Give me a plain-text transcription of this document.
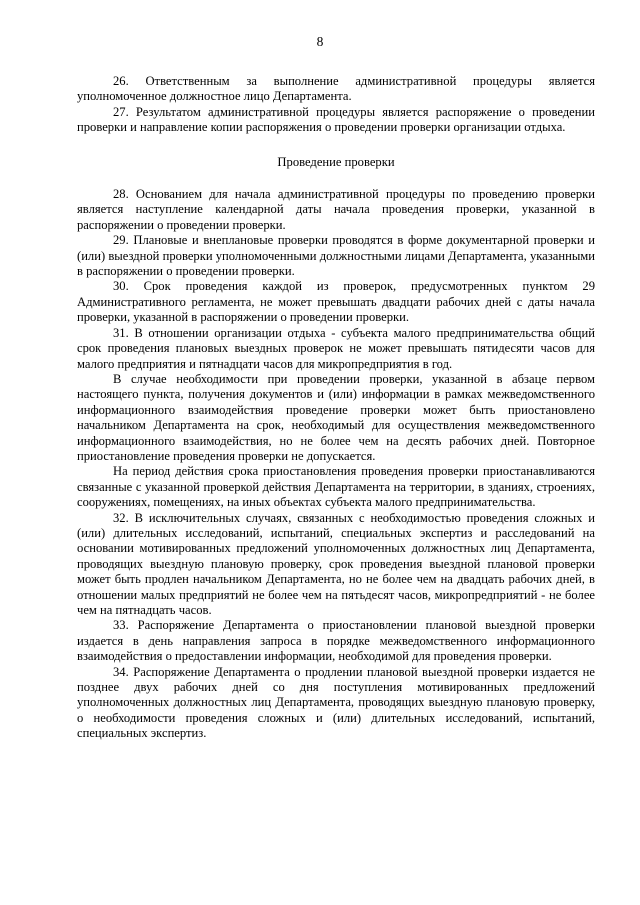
8

26. Ответственным за выполнение административной процедуры является уполномоченное должностное лицо Департамента.

27. Результатом административной процедуры является распоряжение о проведении проверки и направление копии распоряжения о проведении проверки организации отдыха.

Проведение проверки

28. Основанием для начала административной процедуры по проведению проверки является наступление календарной даты начала проведения проверки, указанной в распоряжении о проведении проверки.

29. Плановые и внеплановые проверки проводятся в форме документарной проверки и (или) выездной проверки уполномоченными должностными лицами Департамента, указанными в распоряжении о проведении проверки.

30. Срок проведения каждой из проверок, предусмотренных пунктом 29 Административного регламента, не может превышать двадцати рабочих дней с даты начала проверки, указанной в распоряжении о проведении проверки.

31. В отношении организации отдыха - субъекта малого предпринимательства общий срок проведения плановых выездных проверок не может превышать пятидесяти часов для малого предприятия и пятнадцати часов для микропредприятия в год.

В случае необходимости при проведении проверки, указанной в абзаце первом настоящего пункта, получения документов и (или) информации в рамках межведомственного информационного взаимодействия проведение проверки может быть приостановлено начальником Департамента на срок, необходимый для осуществления межведомственного информационного взаимодействия, но не более чем на десять рабочих дней. Повторное приостановление проведения проверки не допускается.

На период действия срока приостановления проведения проверки приостанавливаются связанные с указанной проверкой действия Департамента на территории, в зданиях, строениях, сооружениях, помещениях, на иных объектах субъекта малого предпринимательства.

32. В исключительных случаях, связанных с необходимостью проведения сложных и (или) длительных исследований, испытаний, специальных экспертиз и расследований на основании мотивированных предложений уполномоченных должностных лиц Департамента, проводящих выездную плановую проверку, срок проведения выездной плановой проверки может быть продлен начальником Департамента, но не более чем на двадцать рабочих дней, в отношении малых предприятий не более чем на пятьдесят часов, микропредприятий - не более чем на пятнадцать часов.

33. Распоряжение Департамента о приостановлении плановой выездной проверки издается в день направления запроса в порядке межведомственного информационного взаимодействия о предоставлении информации, необходимой для проведения проверки.

34. Распоряжение Департамента о продлении плановой выездной проверки издается не позднее двух рабочих дней со дня поступления мотивированных предложений уполномоченных должностных лиц Департамента, проводящих выездную плановую проверку, о необходимости проведения сложных и (или) длительных исследований, испытаний, специальных экспертиз.
